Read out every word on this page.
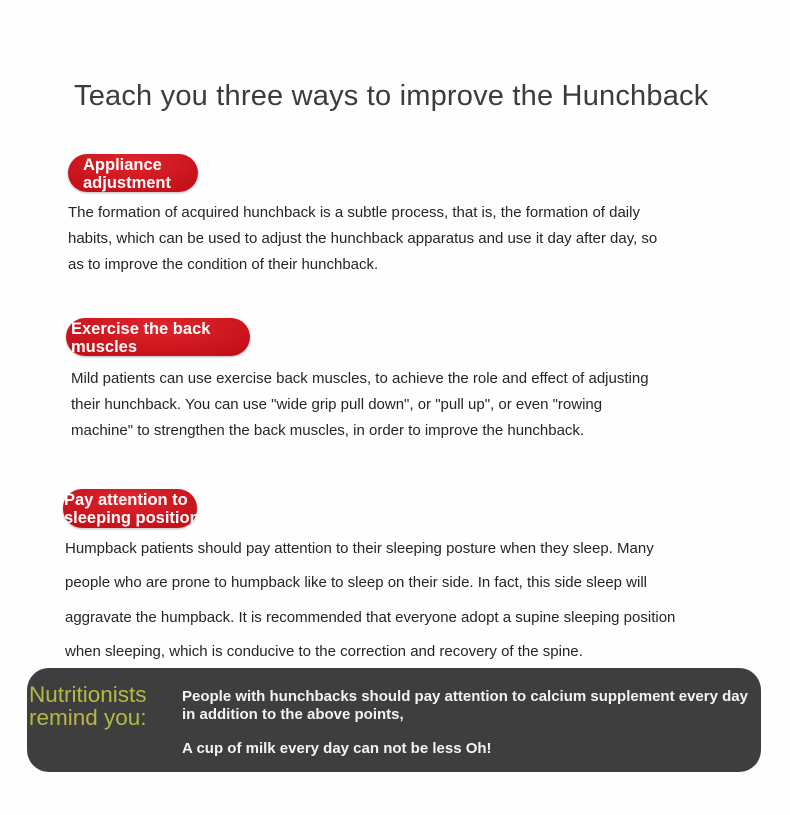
Teach you three ways to improve the Hunchback
Appliance
adjustment
The formation of acquired hunchback is a subtle process, that is, the formation of daily
habits, which can be used to adjust the hunchback apparatus and use it day after day, so
as to improve the condition of their hunchback.
Exercise the back
muscles
Mild patients can use exercise back muscles, to achieve the role and effect of adjusting
their hunchback. You can use "wide grip pull down", or "pull up", or even "rowing
machine" to strengthen the back muscles, in order to improve the hunchback.
Pay attention to
sleeping position
Humpback patients should pay attention to their sleeping posture when they sleep. Many
people who are prone to humpback like to sleep on their side. In fact, this side sleep will
aggravate the humpback. It is recommended that everyone adopt a supine sleeping position
when sleeping, which is conducive to the correction and recovery of the spine.
Nutritionists
remind you:
People with hunchbacks should pay attention to calcium supplement every day
in addition to the above points,
A cup of milk every day can not be less Oh!
